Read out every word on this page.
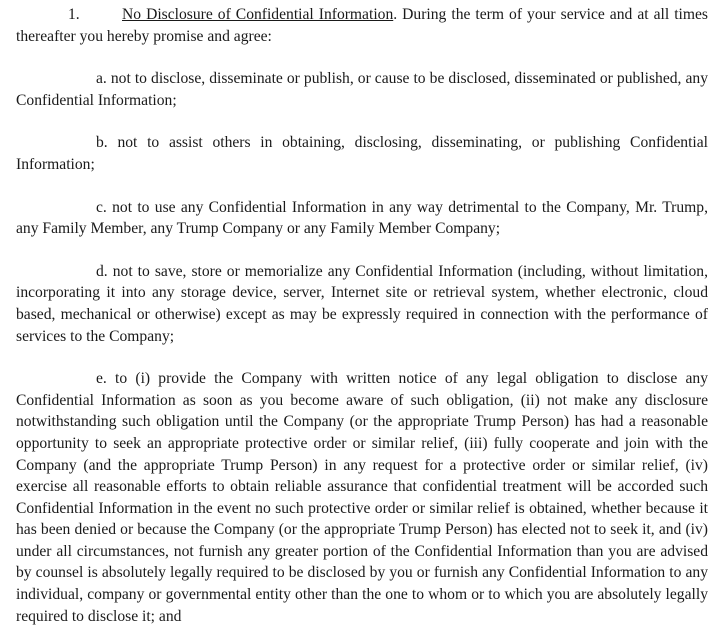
1.	No Disclosure of Confidential Information. During the term of your service and at all times thereafter you hereby promise and agree:

a. not to disclose, disseminate or publish, or cause to be disclosed, disseminated or published, any Confidential Information;

b. not to assist others in obtaining, disclosing, disseminating, or publishing Confidential Information;

c. not to use any Confidential Information in any way detrimental to the Company, Mr. Trump, any Family Member, any Trump Company or any Family Member Company;

d. not to save, store or memorialize any Confidential Information (including, without limitation, incorporating it into any storage device, server, Internet site or retrieval system, whether electronic, cloud based, mechanical or otherwise) except as may be expressly required in connection with the performance of services to the Company;

e. to (i) provide the Company with written notice of any legal obligation to disclose any Confidential Information as soon as you become aware of such obligation, (ii) not make any disclosure notwithstanding such obligation until the Company (or the appropriate Trump Person) has had a reasonable opportunity to seek an appropriate protective order or similar relief, (iii) fully cooperate and join with the Company (and the appropriate Trump Person) in any request for a protective order or similar relief, (iv) exercise all reasonable efforts to obtain reliable assurance that confidential treatment will be accorded such Confidential Information in the event no such protective order or similar relief is obtained, whether because it has been denied or because the Company (or the appropriate Trump Person) has elected not to seek it, and (iv) under all circumstances, not furnish any greater portion of the Confidential Information than you are advised by counsel is absolutely legally required to be disclosed by you or furnish any Confidential Information to any individual, company or governmental entity other than the one to whom or to which you are absolutely legally required to disclose it; and
